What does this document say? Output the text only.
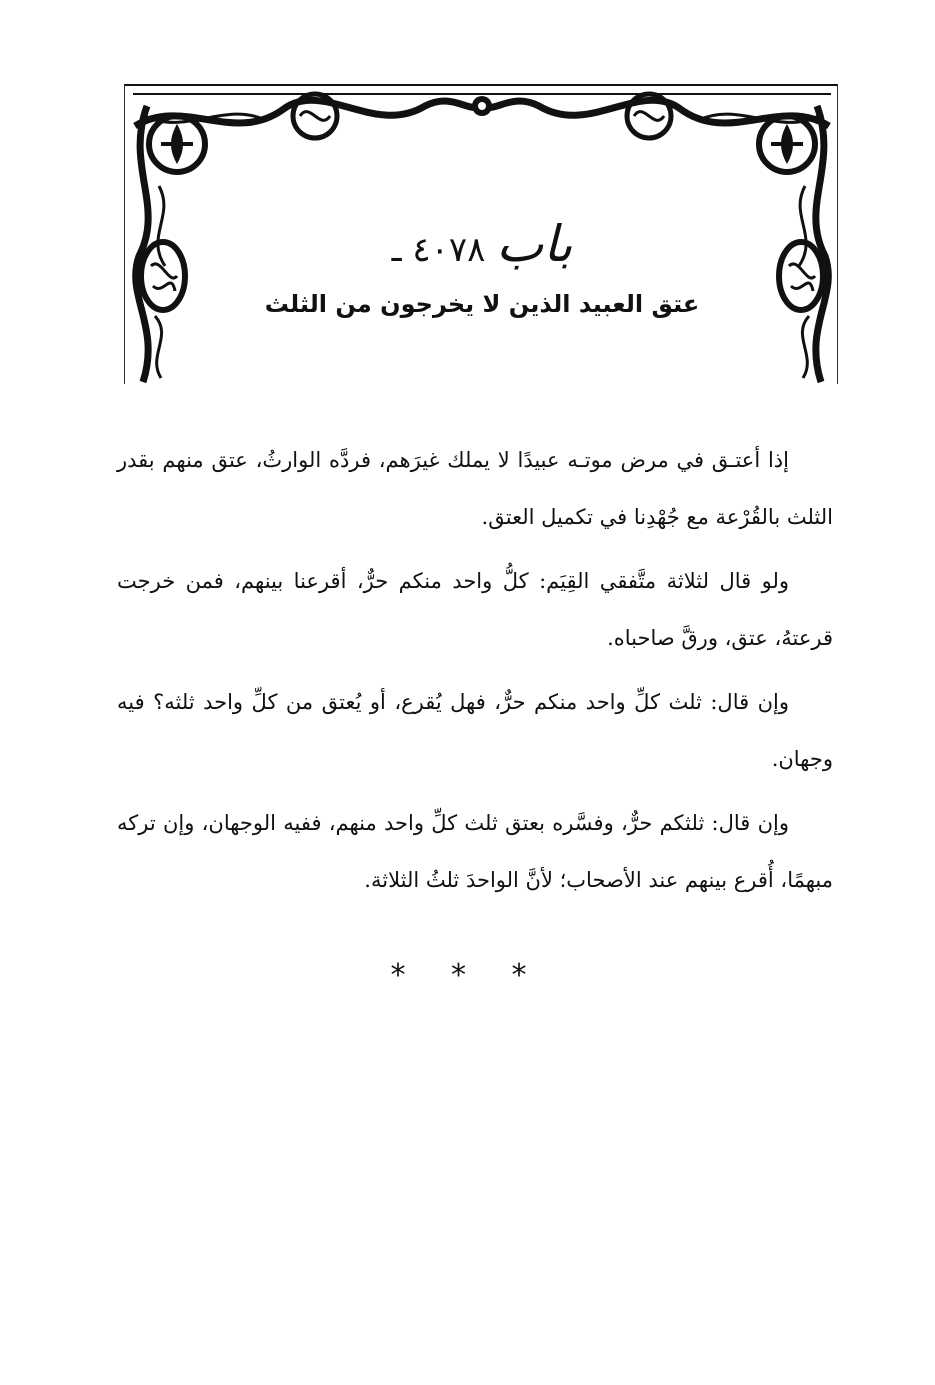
باب ٤٠٧٨ ـ
عتق العبيد الذين لا يخرجون من الثلث

إذا أعتـق في مرض موتـه عبيدًا لا يملك غيرَهم، فردَّه الوارثُ، عتق منهم بقدر الثلث بالقُرْعة مع جُهْدِنا في تكميل العتق.

ولو قال لثلاثة متَّفقي القِيَم: كلُّ واحد منكم حرٌّ، أقرعنا بينهم، فمن خرجت قرعتهُ، عتق، ورقَّ صاحباه.

وإن قال: ثلث كلِّ واحد منكم حرٌّ، فهل يُقرع، أو يُعتق من كلِّ واحد ثلثه؟ فيه وجهان.

وإن قال: ثلثكم حرٌّ، وفسَّره بعتق ثلث كلِّ واحد منهم، ففيه الوجهان، وإن تركه مبهمًا، أُقرع بينهم عند الأصحاب؛ لأنَّ الواحدَ ثلثُ الثلاثة.

* * *
